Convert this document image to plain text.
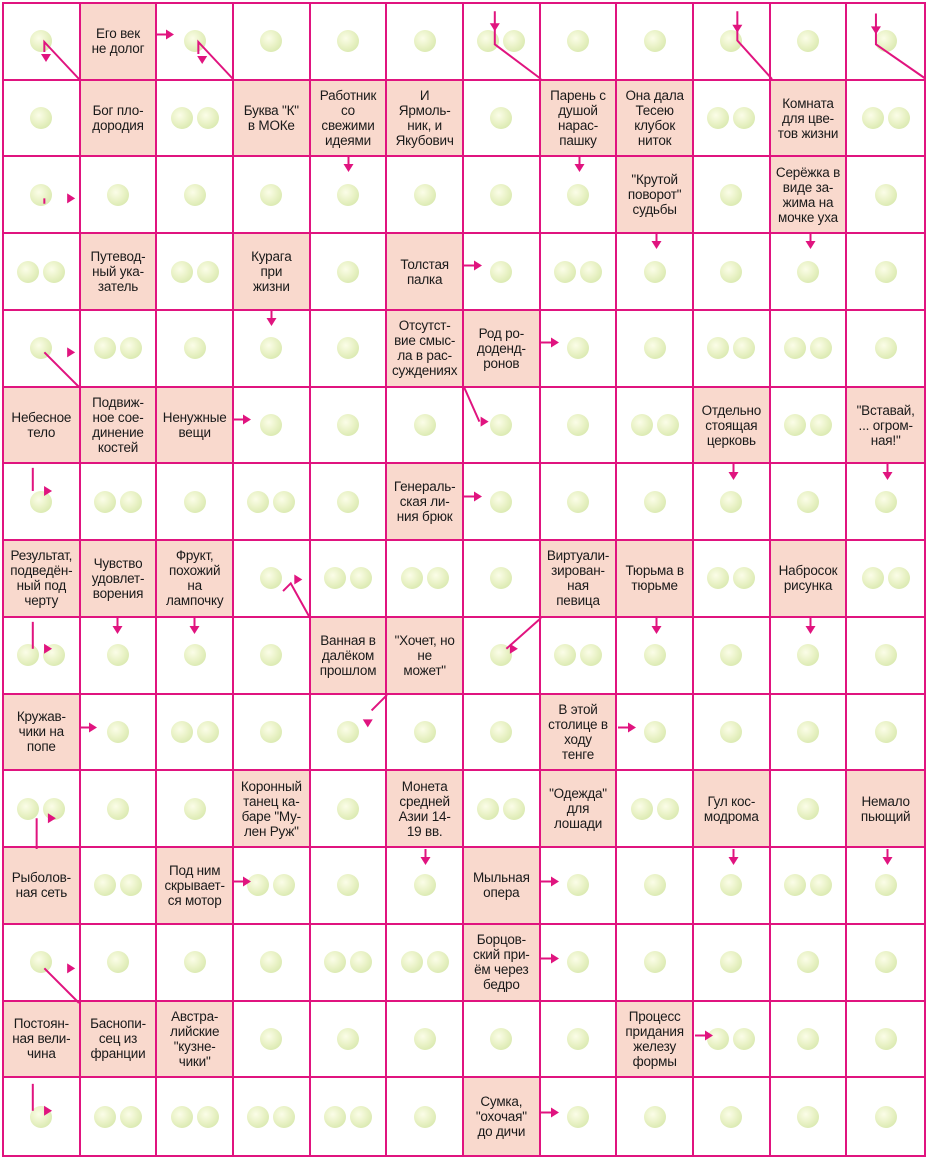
Его век
не долог
Бог пло-
дородия
Буква "К"
в МОКе
Работник
со
свежими
идеями
И
Ярмоль-
ник, и
Якубович
Парень с
душой
нарас-
пашку
Она дала
Тесею
клубок
ниток
Комната
для цве-
тов жизни
"Крутой
поворот"
судьбы
Серёжка в
виде за-
жима на
мочке уха
Путевод-
ный ука-
затель
Курага
при
жизни
Толстая
палка
Отсутст-
вие смыс-
ла в рас-
суждениях
Род ро-
доденд-
ронов
Небесное
тело
Подвиж-
ное сое-
динение
костей
Ненужные
вещи
Отдельно
стоящая
церковь
"Вставай,
... огром-
ная!"
Генераль-
ская ли-
ния брюк
Результат,
подведён-
ный под
черту
Чувство
удовлет-
ворения
Фрукт,
похожий
на
лампочку
Виртуали-
зирован-
ная
певица
Тюрьма в
тюрьме
Набросок
рисунка
Ванная в
далёком
прошлом
"Хочет, но
не
может"
Кружав-
чики на
попе
В этой
столице в
ходу
тенге
Коронный
танец ка-
баре "Му-
лен Руж"
Монета
средней
Азии 14-
19 вв.
"Одежда"
для
лошади
Гул кос-
модрома
Немало
пьющий
Рыболов-
ная сеть
Под ним
скрывает-
ся мотор
Мыльная
опера
Борцов-
ский при-
ём через
бедро
Постоян-
ная вели-
чина
Баснопи-
сец из
франции
Австра-
лийские
"кузне-
чики"
Процесс
придания
железу
формы
Сумка,
"охочая"
до дичи
